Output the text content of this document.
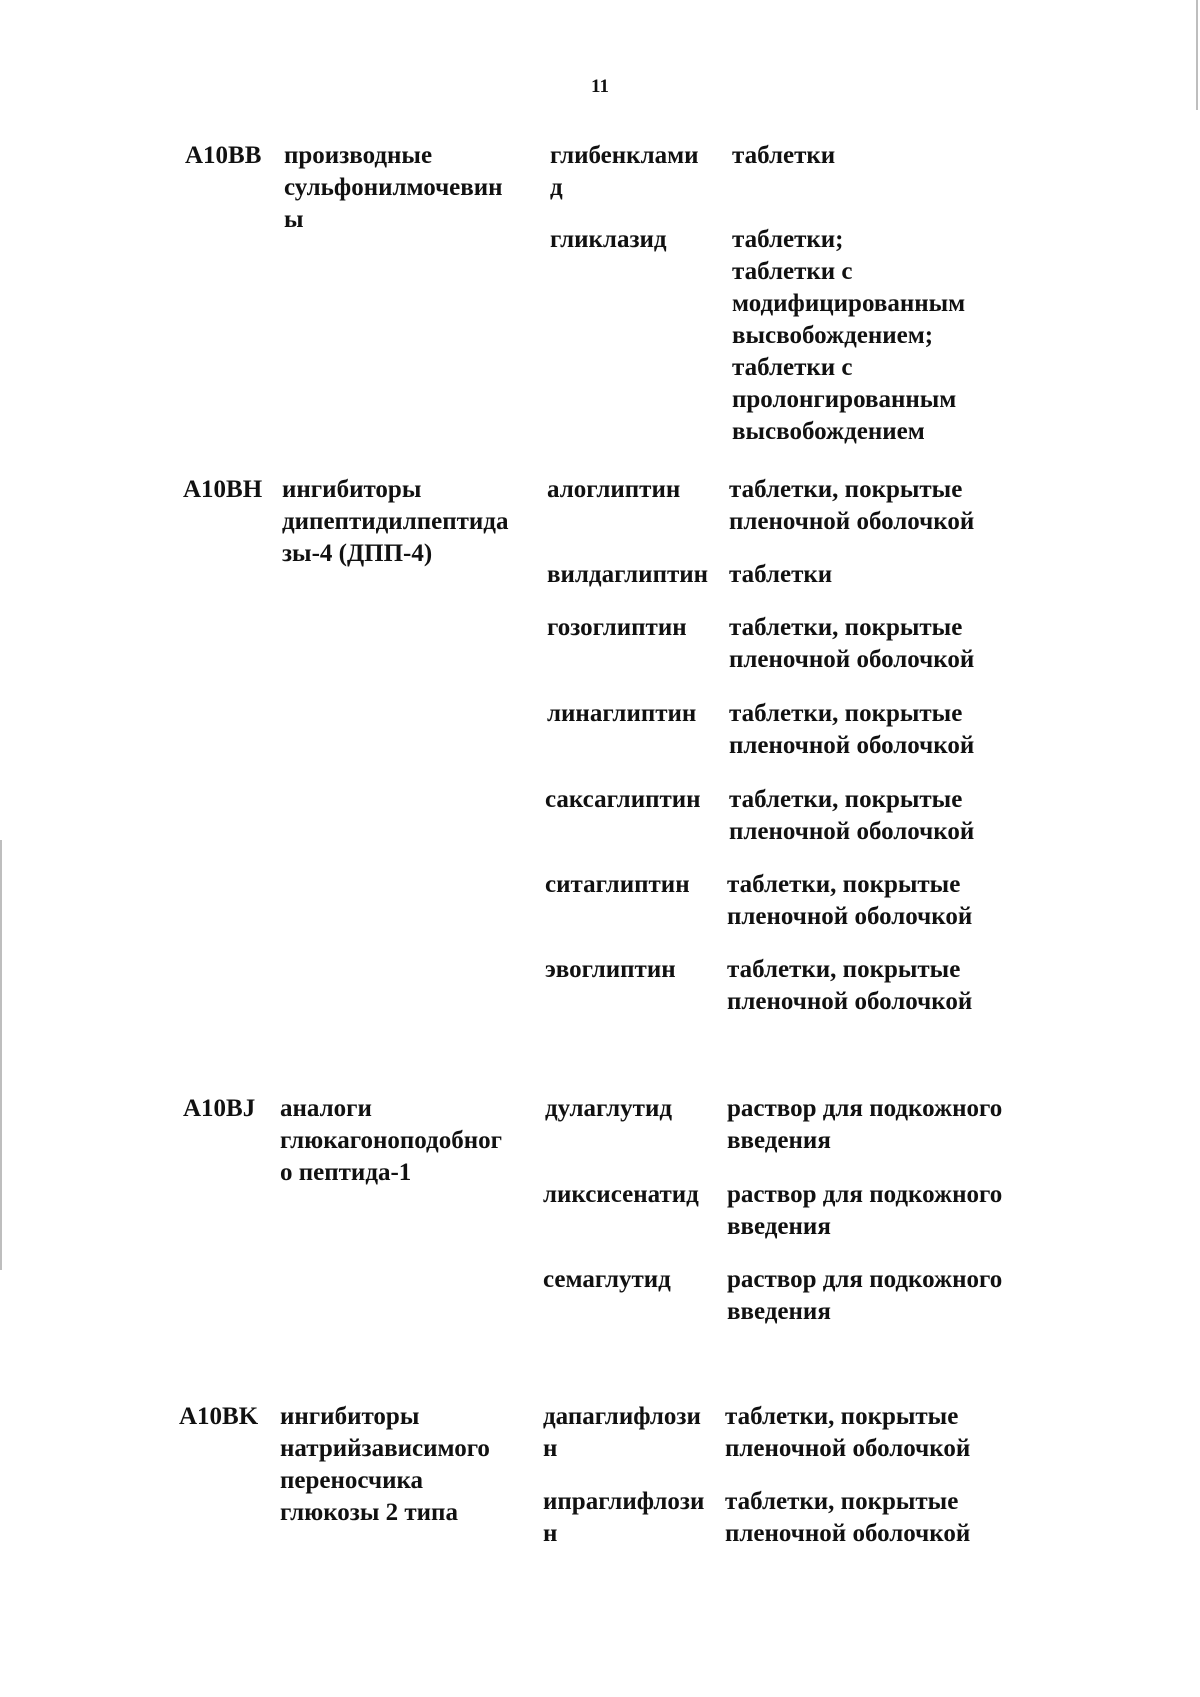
11
A10BB производные
сульфонилмочевин
ы
глибенклами
д
таблетки
гликлазид	таблетки;
таблетки с
модифицированным
высвобождением;
таблетки с
пролонгированным
высвобождением
A10BH ингибиторы
дипептидилпептида
зы-4 (ДПП-4)
алоглиптин таблетки, покрытые
пленочной оболочкой
вилдаглиптин таблетки
гозоглиптин таблетки, покрытые
пленочной оболочкой
линаглиптин таблетки, покрытые
пленочной оболочкой
саксаглиптин таблетки, покрытые
пленочной оболочкой
ситаглиптин таблетки, покрытые
пленочной оболочкой
эвоглиптин таблетки, покрытые
пленочной оболочкой
A10BJ аналоги
глюкагоноподобног
о пептида-1
дулаглутид раствор для подкожного
введения
ликсисенатид раствор для подкожного
введения
семаглутид раствор для подкожного
введения
A10BK ингибиторы
натрийзависимого
переносчика
глюкозы 2 типа
дапаглифлози
н
таблетки, покрытые
пленочной оболочкой
ипраглифлози
н
таблетки, покрытые
пленочной оболочкой
